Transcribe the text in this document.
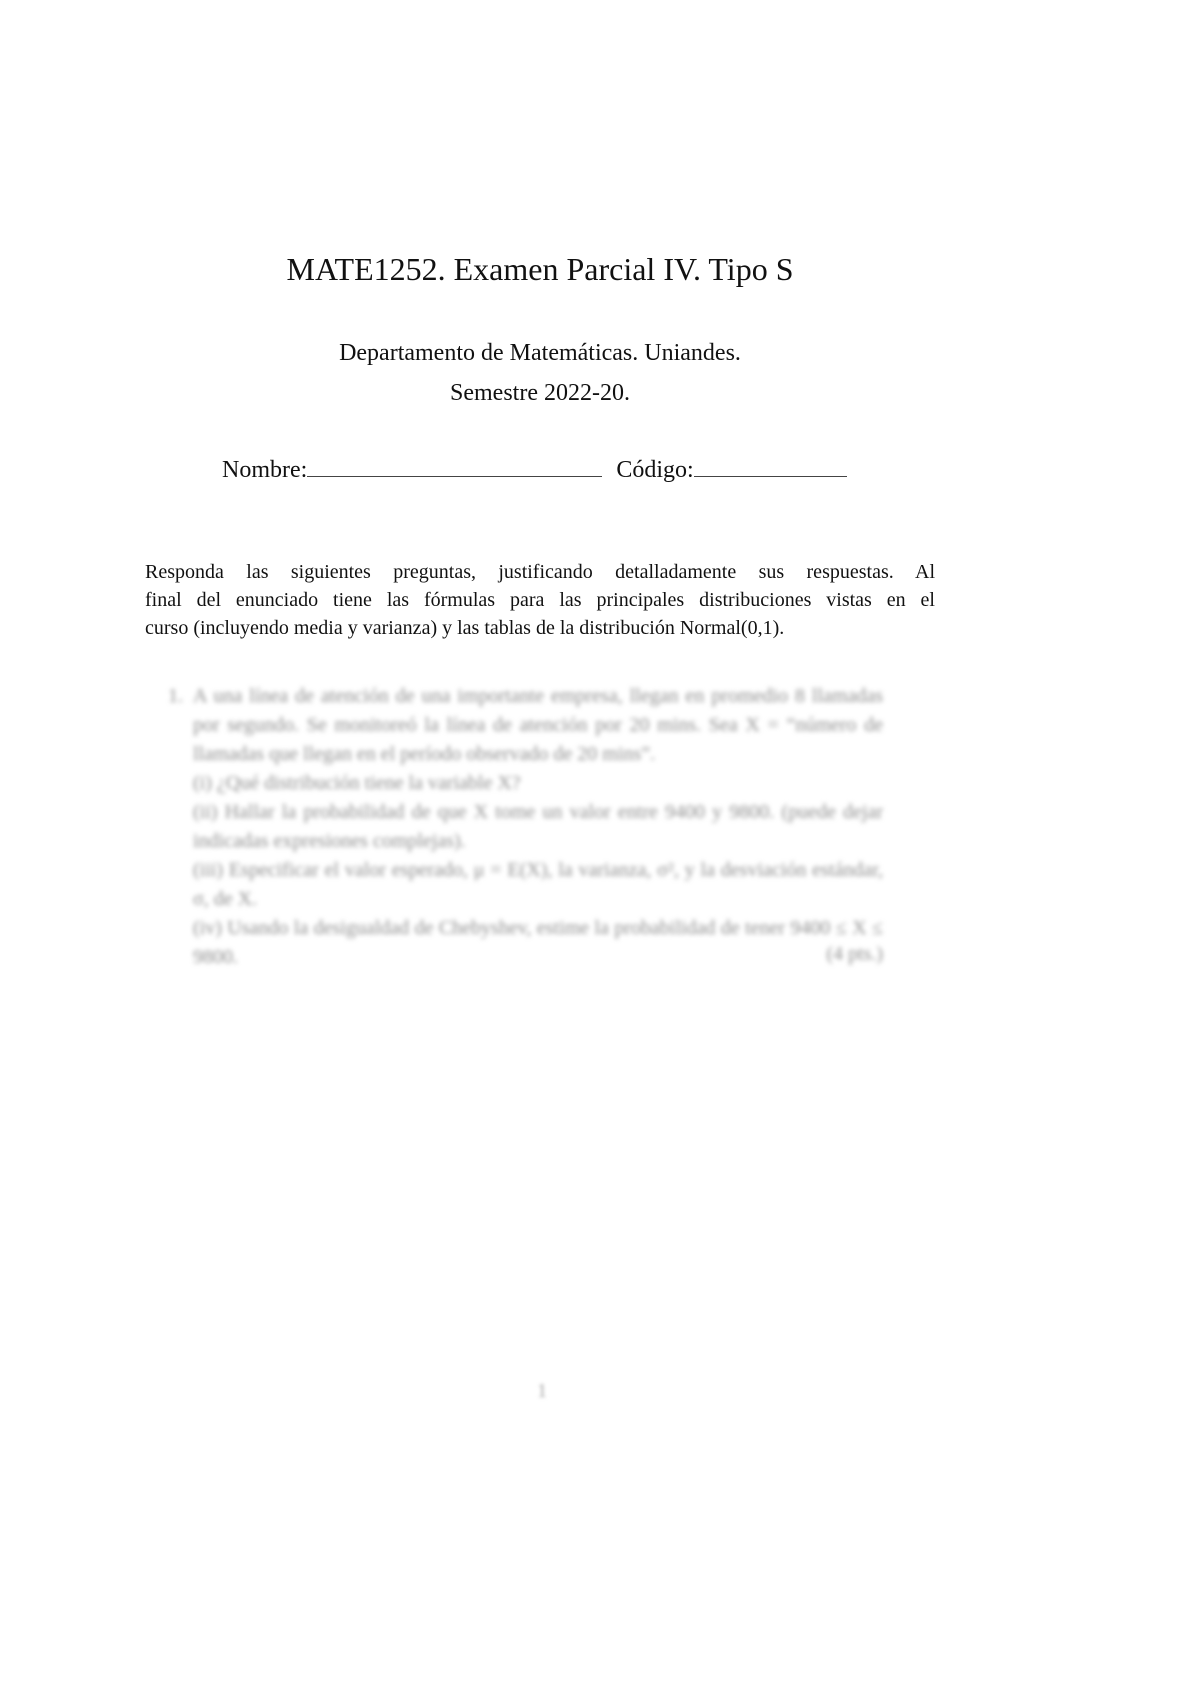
MATE1252. Examen Parcial IV. Tipo S
Departamento de Matemáticas. Uniandes.
Semestre 2022-20.
Nombre:	Código:
Responda las siguientes preguntas, justificando detalladamente sus respuestas. Al
final del enunciado tiene las fórmulas para las principales distribuciones vistas en el
curso (incluyendo media y varianza) y las tablas de la distribución Normal(0,1).
1. A una línea de atención de una importante empresa, llegan en promedio 8 llamadas por segundo. Se monitoreó la línea de atención por 20 mins. Sea X = “número de llamadas que llegan en el período observado de 20 mins”.

(i) ¿Qué distribución tiene la variable X?

(ii) Hallar la probabilidad de que X tome un valor entre 9400 y 9800. (puede dejar indicadas expresiones complejas).

(iii) Especificar el valor esperado, μ = E(X), la varianza, σ², y la desviación estándar, σ, de X.

(iv) Usando la desigualdad de Chebyshev, estime la probabilidad de tener 9400 ≤ X ≤ 9800.	(4 pts.)
1
